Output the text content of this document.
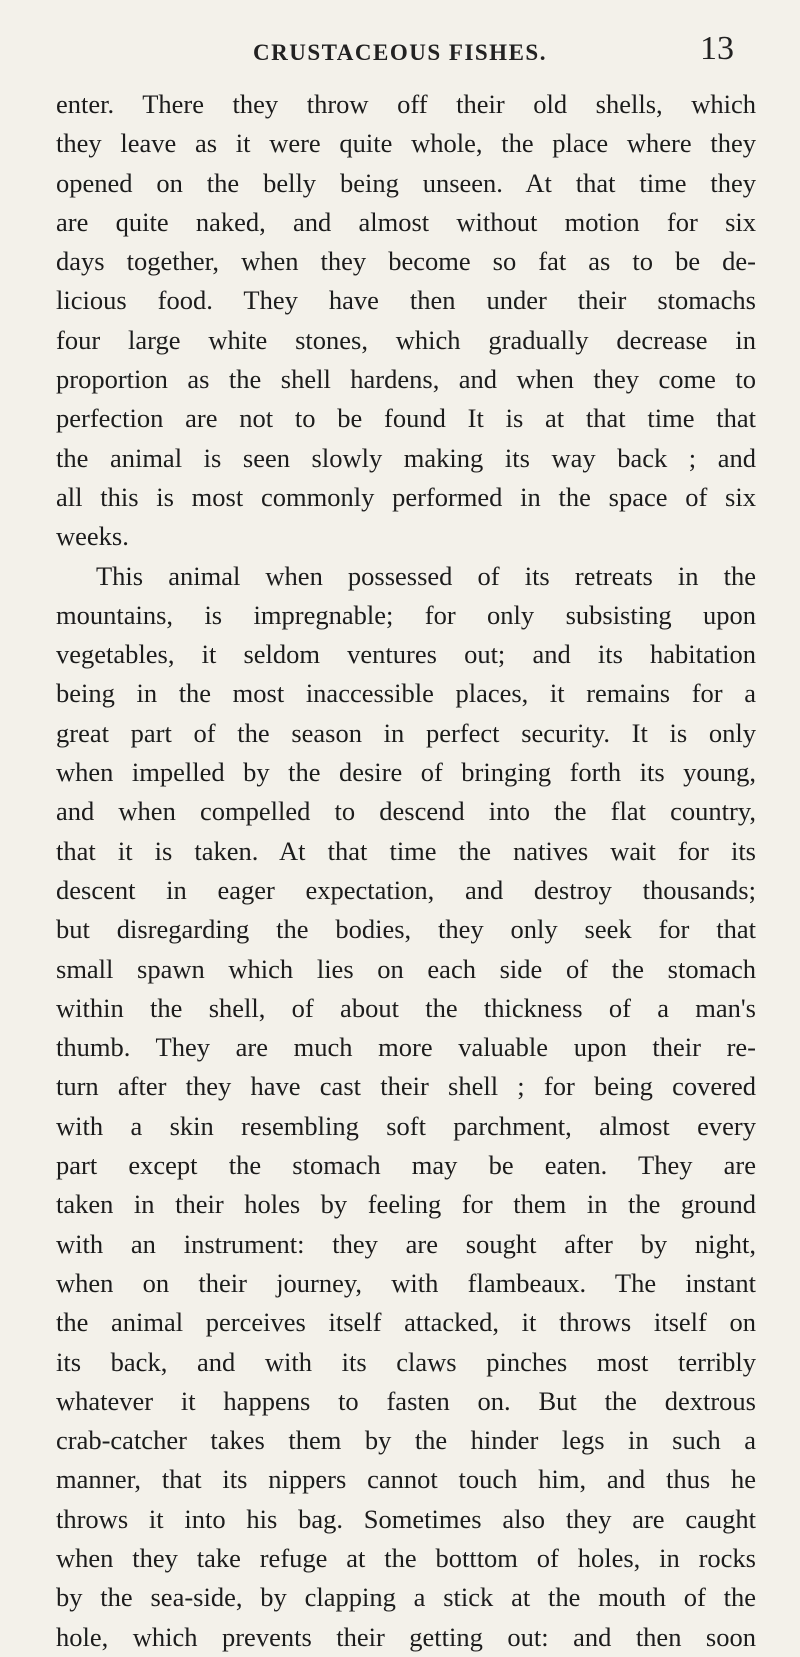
CRUSTACEOUS FISHES.	13
enter. There they throw off their old shells, which
they leave as it were quite whole, the place where they
opened on the belly being unseen. At that time they
are quite naked, and almost without motion for six
days together, when they become so fat as to be de-
licious food. They have then under their stomachs
four large white stones, which gradually decrease in
proportion as the shell hardens, and when they come to
perfection are not to be found It is at that time that
the animal is seen slowly making its way back ; and
all this is most commonly performed in the space of six
weeks.
This animal when possessed of its retreats in the
mountains, is impregnable; for only subsisting upon
vegetables, it seldom ventures out; and its habitation
being in the most inaccessible places, it remains for a
great part of the season in perfect security. It is only
when impelled by the desire of bringing forth its young,
and when compelled to descend into the flat country,
that it is taken. At that time the natives wait for its
descent in eager expectation, and destroy thousands;
but disregarding the bodies, they only seek for that
small spawn which lies on each side of the stomach
within the shell, of about the thickness of a man's
thumb. They are much more valuable upon their re-
turn after they have cast their shell ; for being covered
with a skin resembling soft parchment, almost every
part except the stomach may be eaten. They are
taken in their holes by feeling for them in the ground
with an instrument: they are sought after by night,
when on their journey, with flambeaux. The instant
the animal perceives itself attacked, it throws itself on
its back, and with its claws pinches most terribly
whatever it happens to fasten on. But the dextrous
crab-catcher takes them by the hinder legs in such a
manner, that its nippers cannot touch him, and thus he
throws it into his bag. Sometimes also they are caught
when they take refuge at the botttom of holes, in rocks
by the sea-side, by clapping a stick at the mouth of the
hole, which prevents their getting out: and then soon
